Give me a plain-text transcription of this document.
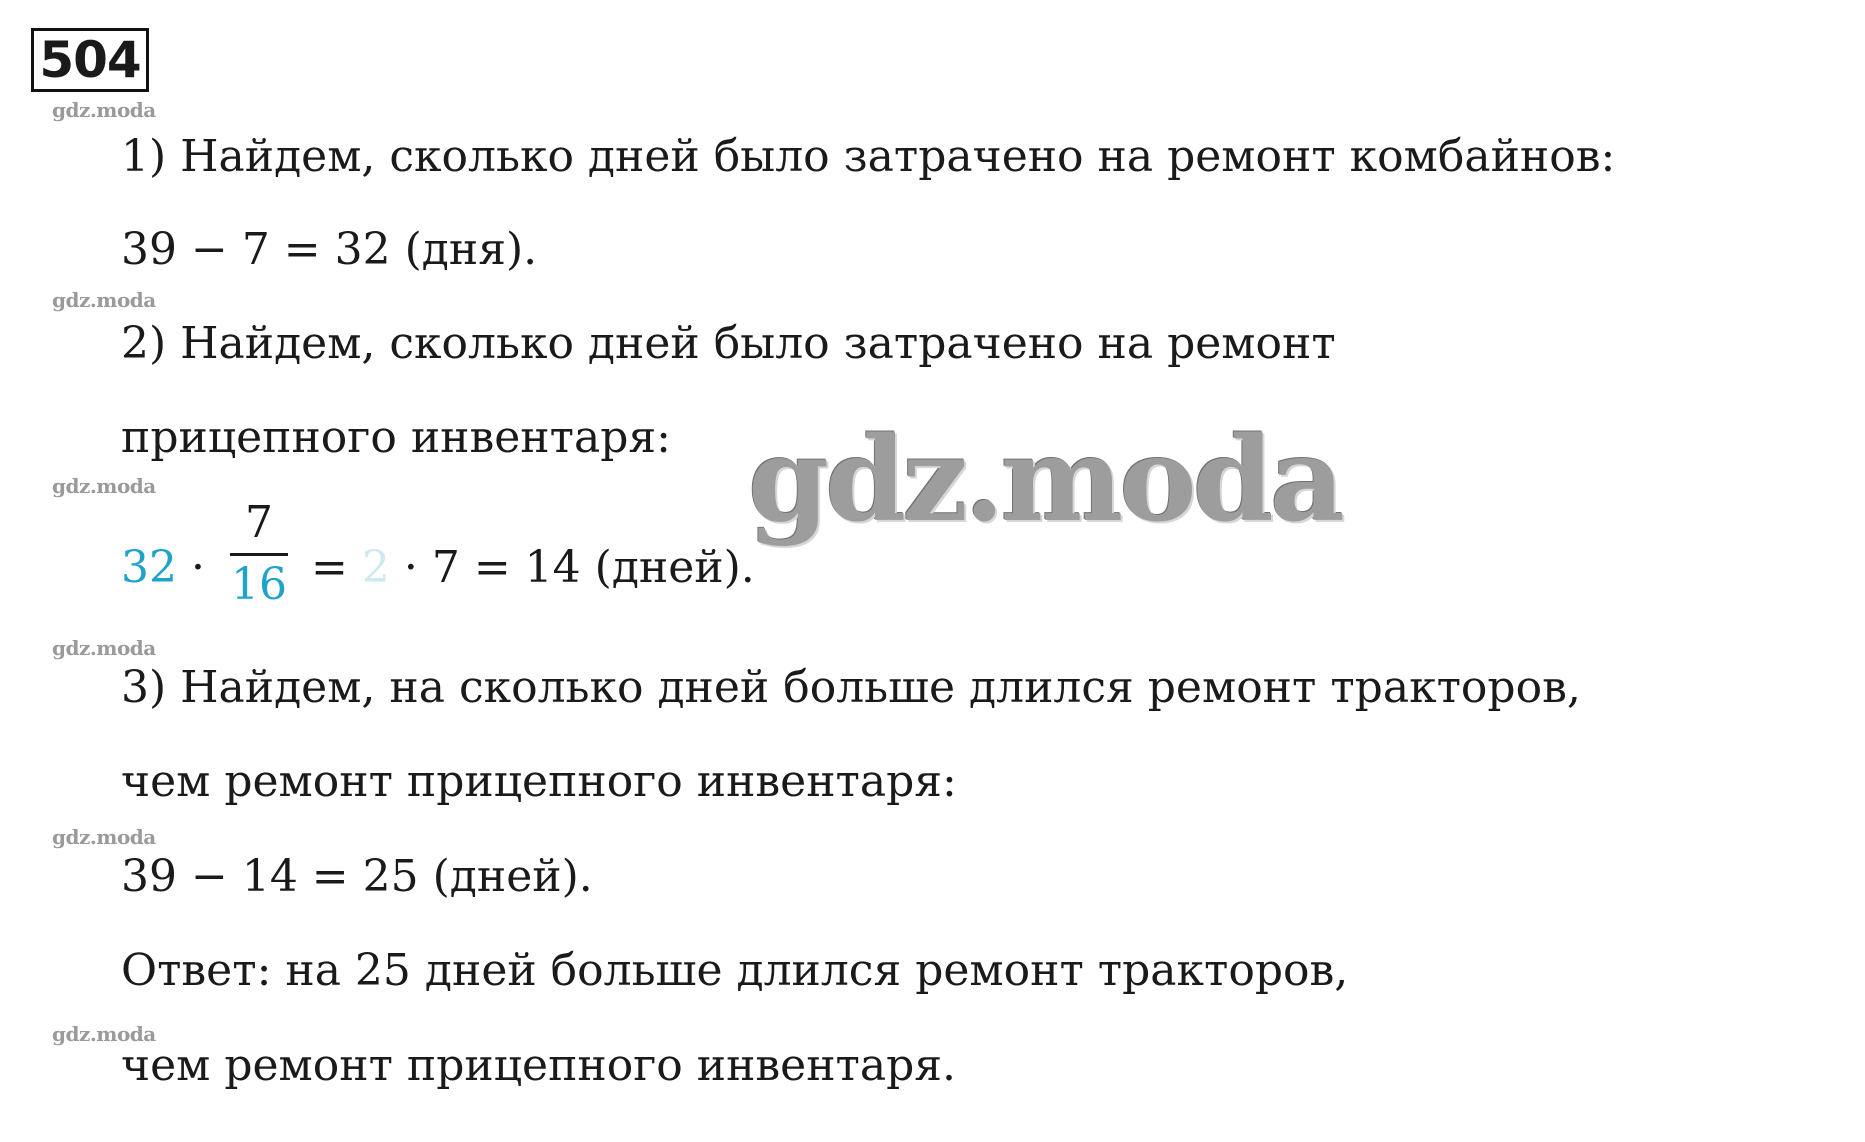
504
gdz.moda
gdz.moda
gdz.moda
gdz.moda
gdz.moda
gdz.moda
1) Найдем, сколько дней было затрачено на ремонт комбайнов:
39 − 7 = 32 (дня).
2) Найдем, сколько дней было затрачено на ремонт
прицепного инвентаря:
32 · = 2 · 7 = 14 (дней).
7
16
3) Найдем, на сколько дней больше длился ремонт тракторов,
чем ремонт прицепного инвентаря:
39 − 14 = 25 (дней).
Ответ: на 25 дней больше длился ремонт тракторов,
чем ремонт прицепного инвентаря.
gdz.moda
